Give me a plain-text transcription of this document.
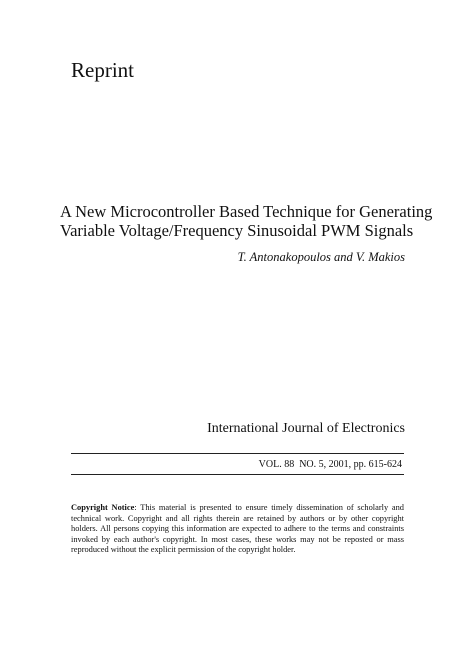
Reprint
A New Microcontroller Based Technique for Generating
Variable Voltage/Frequency Sinusoidal PWM Signals

T. Antonakopoulos and V. Makios

International Journal of Electronics

VOL. 88 NO. 5, 2001, pp. 615-624

Copyright Notice: This material is presented to ensure timely dissemination of scholarly and technical work. Copyright and all rights therein are retained by authors or by other copyright holders. All persons copying this information are expected to adhere to the terms and constraints invoked by each author's copyright. In most cases, these works may not be reposted or mass reproduced without the explicit permission of the copyright holder.
